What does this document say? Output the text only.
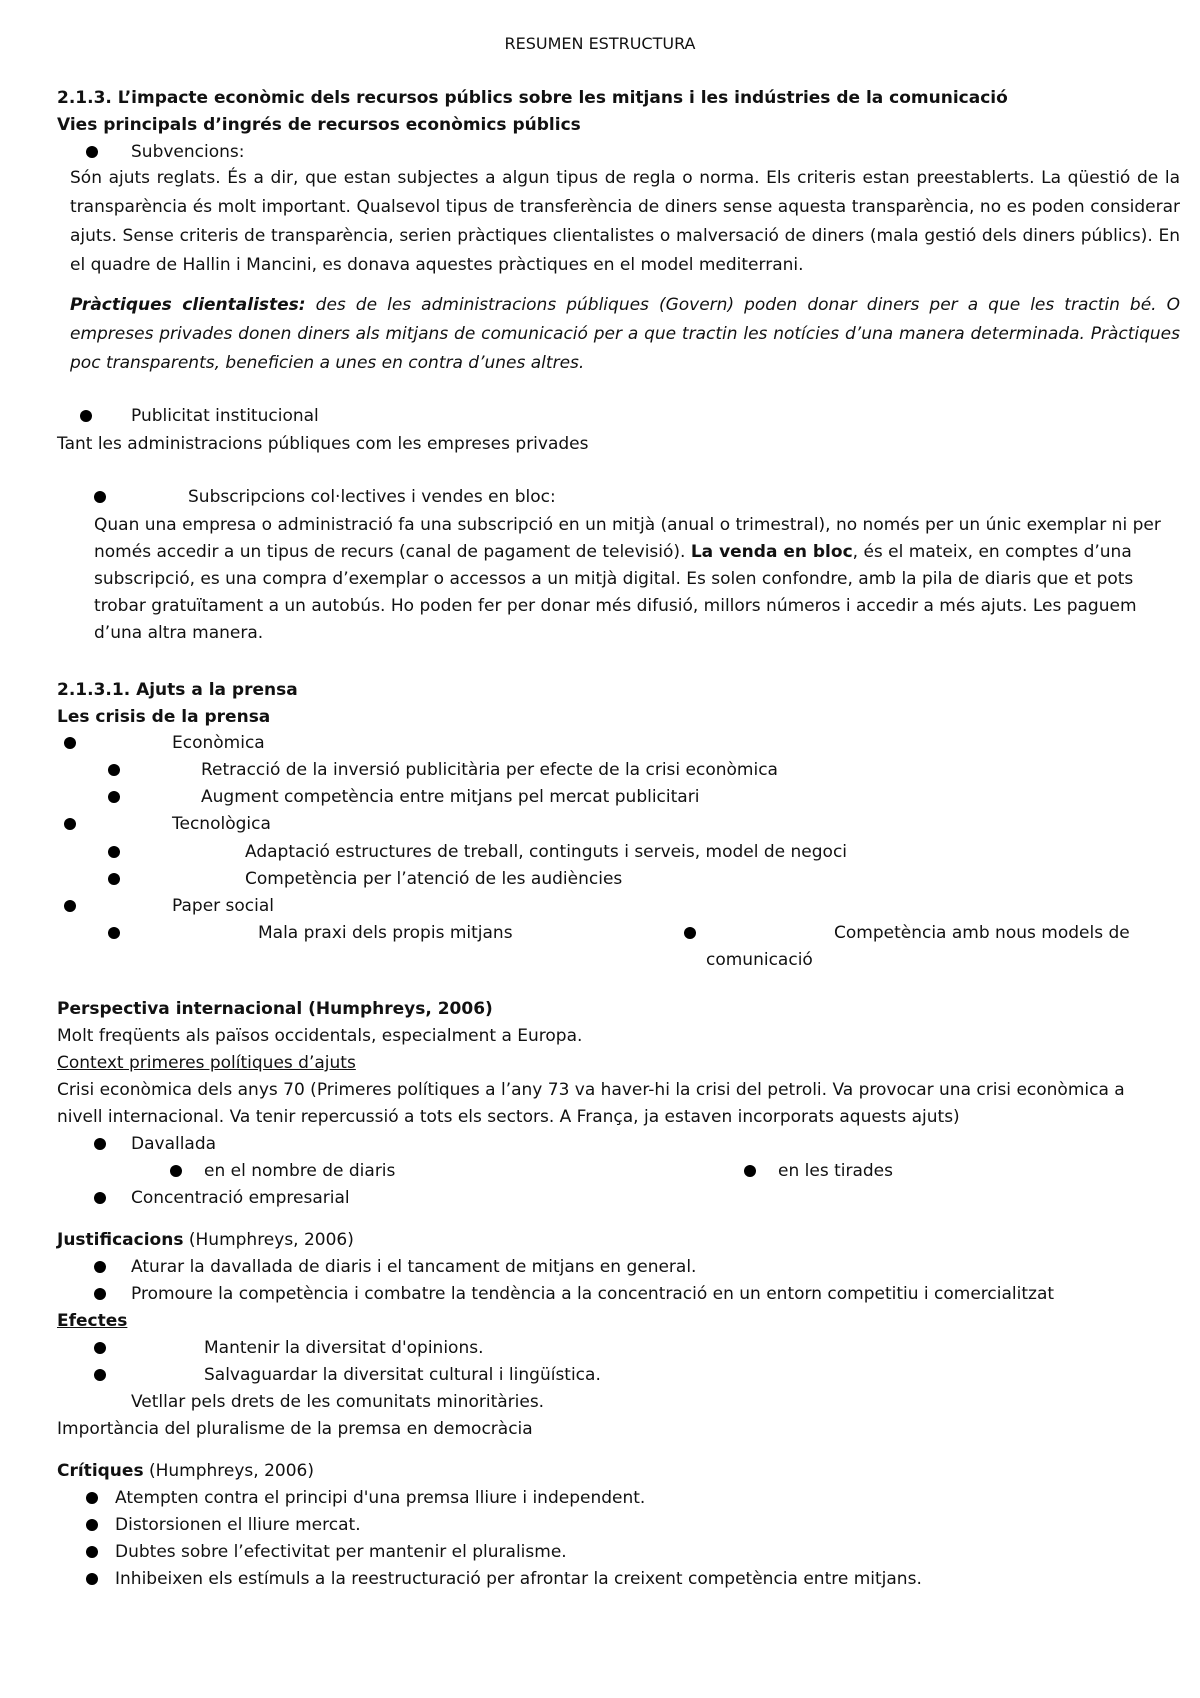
RESUMEN ESTRUCTURA
2.1.3. L’impacte econòmic dels recursos públics sobre les mitjans i les indústries de la comunicació
Vies principals d’ingrés de recursos econòmics públics
Subvencions:
Són ajuts reglats. És a dir, que estan subjectes a algun tipus de regla o norma. Els criteris estan preestablerts. La qüestió de la transparència és molt important. Qualsevol tipus de transferència de diners sense aquesta transparència, no es poden considerar ajuts. Sense criteris de transparència, serien pràctiques clientalistes o malversació de diners (mala gestió dels diners públics). En el quadre de Hallin i Mancini, es donava aquestes pràctiques en el model mediterrani.
Pràctiques clientalistes: des de les administracions públiques (Govern) poden donar diners per a que les tractin bé. O empreses privades donen diners als mitjans de comunicació per a que tractin les notícies d’una manera determinada. Pràctiques poc transparents, beneficien a unes en contra d’unes altres.
Publicitat institucional
Tant les administracions públiques com les empreses privades
Subscripcions col·lectives i vendes en bloc:
Quan una empresa o administració fa una subscripció en un mitjà (anual o trimestral), no només per un únic exemplar ni per només accedir a un tipus de recurs (canal de pagament de televisió). La venda en bloc, és el mateix, en comptes d’una subscripció, es una compra d’exemplar o accessos a un mitjà digital. Es solen confondre, amb la pila de diaris que et pots trobar gratuïtament a un autobús. Ho poden fer per donar més difusió, millors números i accedir a més ajuts. Les paguem d’una altra manera.
2.1.3.1. Ajuts a la prensa
Les crisis de la prensa
Econòmica
Retracció de la inversió publicitària per efecte de la crisi econòmica
Augment competència entre mitjans pel mercat publicitari
Tecnològica
Adaptació estructures de treball, continguts i serveis, model de negoci
Competència per l’atenció de les audiències
Paper social
Mala praxi dels propis mitjans	Competència amb nous models de
comunicació
Perspectiva internacional (Humphreys, 2006)
Molt freqüents als països occidentals, especialment a Europa.
Context primeres polítiques d’ajuts
Crisi econòmica dels anys 70 (Primeres polítiques a l’any 73 va haver-hi la crisi del petroli. Va provocar una crisi econòmica a
nivell internacional. Va tenir repercussió a tots els sectors. A França, ja estaven incorporats aquests ajuts)
Davallada
en el nombre de diaris	en les tirades
Concentració empresarial
Justificacions (Humphreys, 2006)
Aturar la davallada de diaris i el tancament de mitjans en general.
Promoure la competència i combatre la tendència a la concentració en un entorn competitiu i comercialitzat
Efectes
Mantenir la diversitat d'opinions.
Salvaguardar la diversitat cultural i lingüística.
Vetllar pels drets de les comunitats minoritàries.
Importància del pluralisme de la premsa en democràcia
Crítiques (Humphreys, 2006)
Atempten contra el principi d'una premsa lliure i independent.
Distorsionen el lliure mercat.
Dubtes sobre l’efectivitat per mantenir el pluralisme.
Inhibeixen els estímuls a la reestructuració per afrontar la creixent competència entre mitjans.
